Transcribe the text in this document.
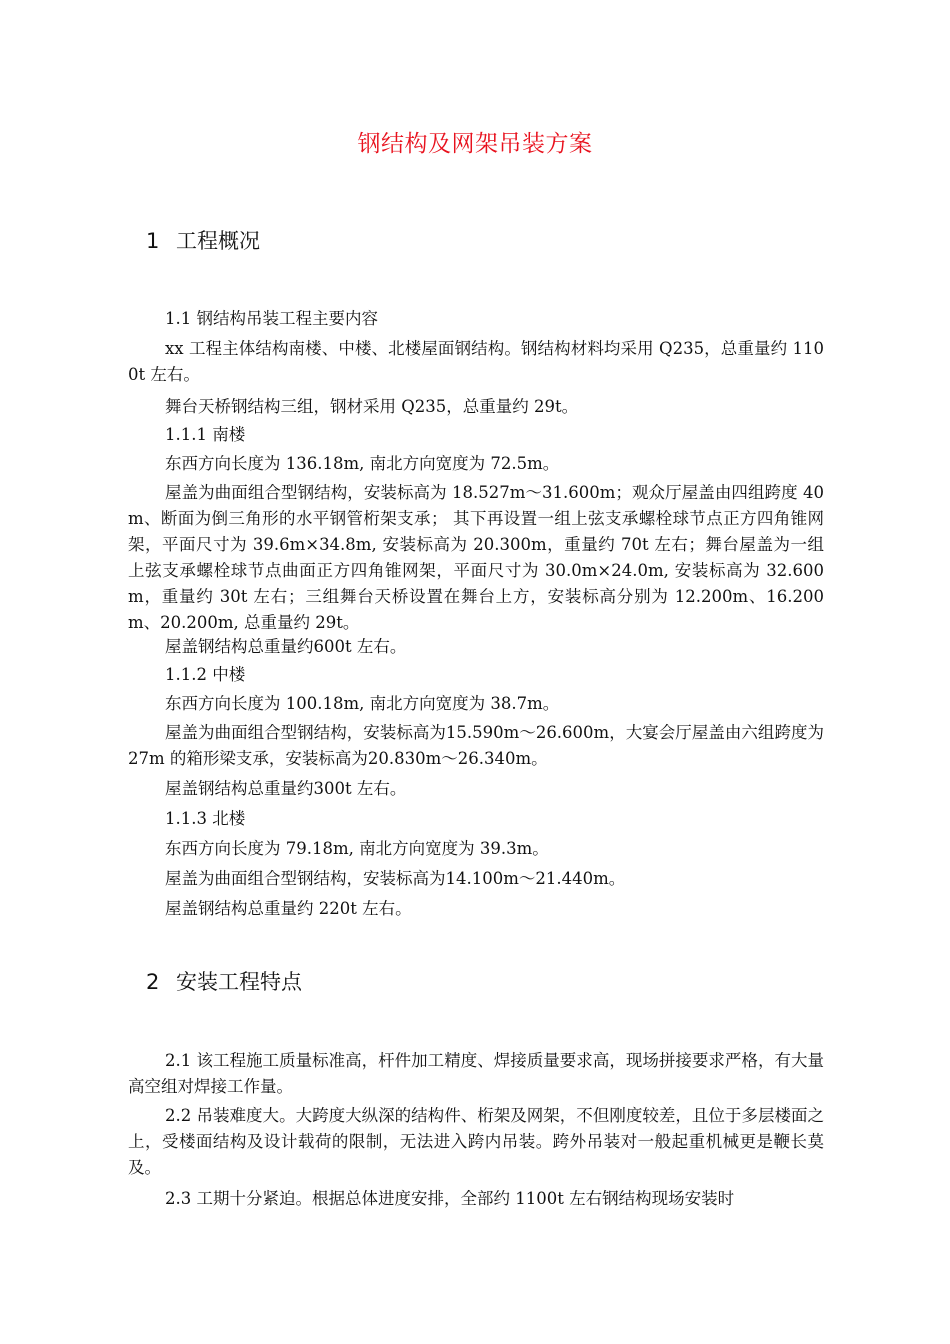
钢结构及网架吊装方案
1 工程概况
1.1 钢结构吊装工程主要内容
xx 工程主体结构南楼、中楼、北楼屋面钢结构。钢结构材料均采用 Q235，总重量约 1100t 左右。
舞台天桥钢结构三组，钢材采用 Q235，总重量约 29t。
1.1.1 南楼
东西方向长度为 136.18m, 南北方向宽度为 72.5m。
屋盖为曲面组合型钢结构，安装标高为 18.527m～31.600m；观众厅屋盖由四组跨度 40m、断面为倒三角形的水平钢管桁架支承； 其下再设置一组上弦支承螺栓球节点正方四角锥网架，平面尺寸为 39.6m×34.8m, 安装标高为 20.300m，重量约 70t 左右；舞台屋盖为一组上弦支承螺栓球节点曲面正方四角锥网架，平面尺寸为 30.0m×24.0m, 安装标高为 32.600m，重量约 30t 左右；三组舞台天桥设置在舞台上方，安装标高分别为 12.200m、16.200m、20.200m, 总重量约 29t。
屋盖钢结构总重量约600t 左右。
1.1.2 中楼
东西方向长度为 100.18m, 南北方向宽度为 38.7m。
屋盖为曲面组合型钢结构，安装标高为15.590m～26.600m，大宴会厅屋盖由六组跨度为 27m 的箱形梁支承，安装标高为20.830m～26.340m。
屋盖钢结构总重量约300t 左右。
1.1.3 北楼
东西方向长度为 79.18m, 南北方向宽度为 39.3m。
屋盖为曲面组合型钢结构，安装标高为14.100m～21.440m。
屋盖钢结构总重量约 220t 左右。
2 安装工程特点
2.1 该工程施工质量标准高，杆件加工精度、焊接质量要求高，现场拼接要求严格，有大量高空组对焊接工作量。
2.2 吊装难度大。大跨度大纵深的结构件、桁架及网架，不但刚度较差，且位于多层楼面之上，受楼面结构及设计载荷的限制，无法进入跨内吊装。跨外吊装对一般起重机械更是鞭长莫及。
2.3 工期十分紧迫。根据总体进度安排，全部约 1100t 左右钢结构现场安装时
